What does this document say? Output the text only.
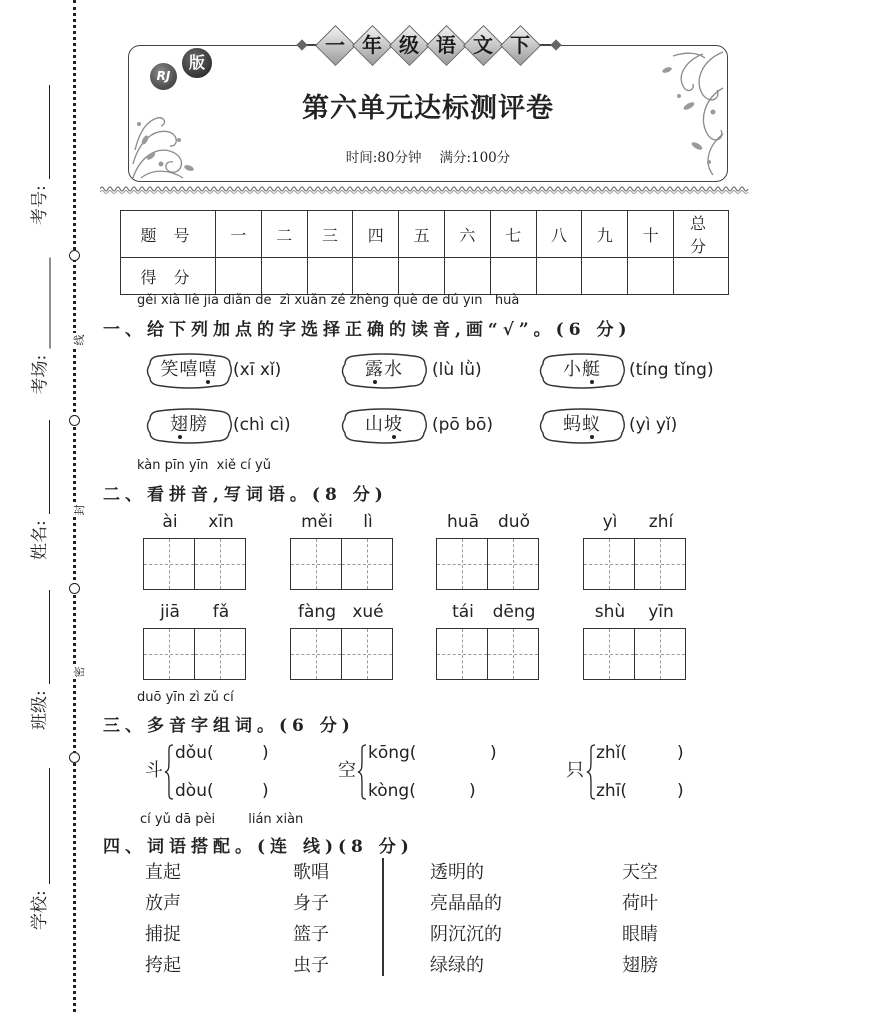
线
封
密
考号:
考场:
姓名:
班级:
学校:
第六单元达标测评卷
时间:80分钟 满分:100分
RJ
版
一 年 级 语 文 下
题 号	一	二	三	四	五	六	七	八	九	十	总 分
得 分											
gěi xià liè jiā diǎn de  zì xuǎn zé zhèng què de dú yīn   huà
一、给下列加点的字选择正确的读音,画“√”。(6 分)
笑嘻嘻 (xī xǐ)	露水	(lù lǜ)	小艇	(tíng tǐng)
翅膀	(chì cì)	山坡	(pō bō)	蚂蚁	(yì yǐ)
kàn pīn yīn  xiě cí yǔ
二、看拼音,写词语。(8 分)
ài	xīn	měi	lì	huā	duǒ	yì	zhí
jiā	fǎ	fàng xué	tái	dēng	shù	yīn
duō yīn zì zǔ cí
三、多音字组词。(6 分)
斗
dǒu(	)
dòu(	)
空
kōng(	)
kòng(	)
只
zhǐ(	)
zhī(	)
cí yǔ dā pèi        lián xiàn
四、词语搭配。(连 线)(8 分)
直起
放声
捕捉
挎起
歌唱
身子
篮子
虫子
透明的
亮晶晶的
阴沉沉的
绿绿的
天空
荷叶
眼睛
翅膀
